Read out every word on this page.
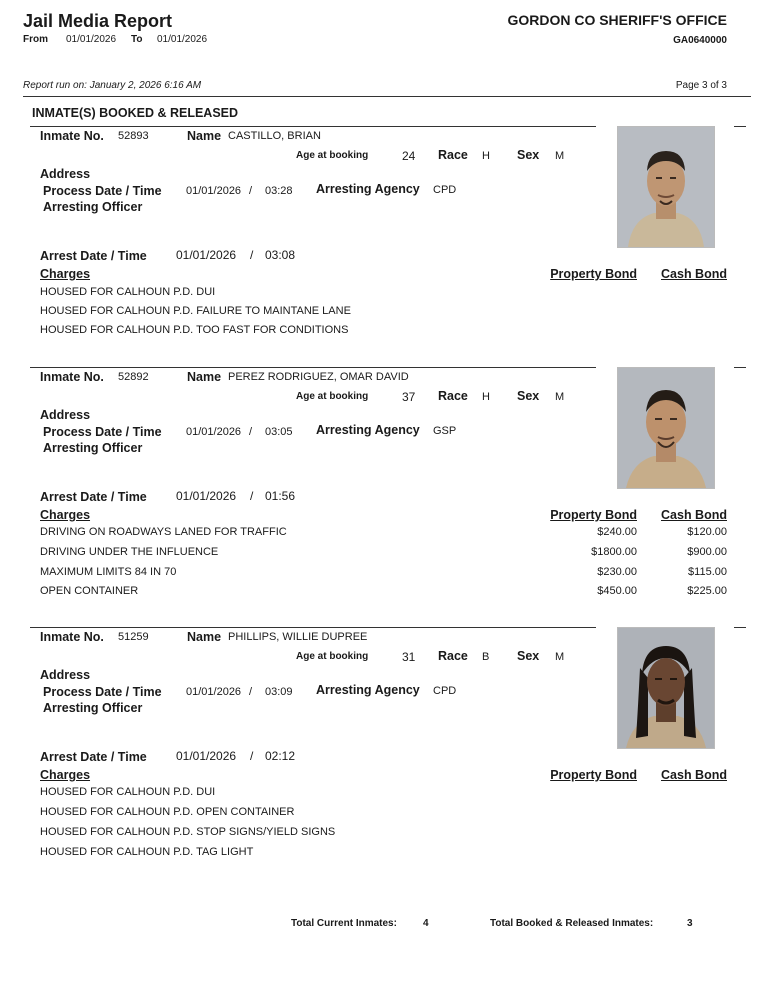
Jail Media Report
From 01/01/2026 To 01/01/2026
GORDON CO SHERIFF'S OFFICE
GA0640000
Report run on: January 2, 2026 6:16 AM	Page 3 of 3
INMATE(S) BOOKED & RELEASED
Inmate No. 52893	Name CASTILLO, BRIAN
Age at booking	24 Race H Sex M
Address
Process Date / Time 01/01/2026 / 03:28 Arresting Agency CPD
Arresting Officer
Arrest Date / Time 01/01/2026 / 03:08
Charges	Property Bond Cash Bond
HOUSED FOR CALHOUN P.D. DUI
HOUSED FOR CALHOUN P.D. FAILURE TO MAINTANE LANE
HOUSED FOR CALHOUN P.D. TOO FAST FOR CONDITIONS
Inmate No. 52892	Name PEREZ RODRIGUEZ, OMAR DAVID
Age at booking	37 Race H Sex M
Address
Process Date / Time 01/01/2026 / 03:05 Arresting Agency GSP
Arresting Officer
Arrest Date / Time 01/01/2026 / 01:56
Charges	Property Bond Cash Bond
DRIVING ON ROADWAYS LANED FOR TRAFFIC	$240.00	$120.00
DRIVING UNDER THE INFLUENCE	$1800.00	$900.00
MAXIMUM LIMITS 84 IN 70	$230.00	$115.00
OPEN CONTAINER	$450.00	$225.00
Inmate No. 51259	Name PHILLIPS, WILLIE DUPREE
Age at booking	31 Race B Sex M
Address
Process Date / Time 01/01/2026 / 03:09 Arresting Agency CPD
Arresting Officer
Arrest Date / Time 01/01/2026 / 02:12
Charges	Property Bond Cash Bond
HOUSED FOR CALHOUN P.D. DUI
HOUSED FOR CALHOUN P.D. OPEN CONTAINER
HOUSED FOR CALHOUN P.D. STOP SIGNS/YIELD SIGNS
HOUSED FOR CALHOUN P.D. TAG LIGHT
Total Current Inmates:	4	Total Booked & Released Inmates:	3
